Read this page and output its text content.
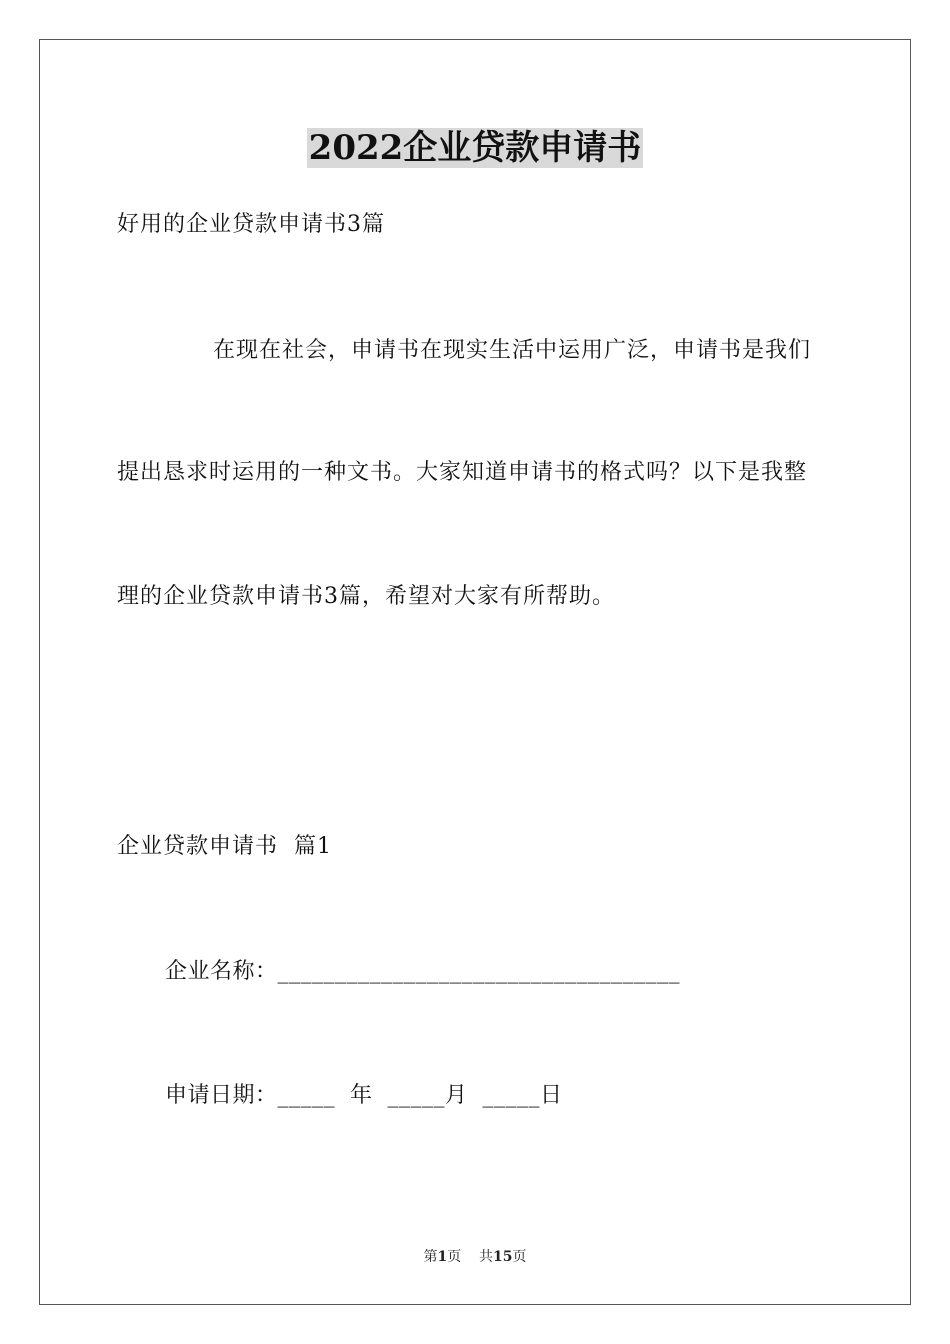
2022企业贷款申请书
好用的企业贷款申请书3篇
在现在社会，申请书在现实生活中运用广泛，申请书是我们
提出恳求时运用的一种文书。大家知道申请书的格式吗？以下是我整
理的企业贷款申请书3篇，希望对大家有所帮助。
企业贷款申请书  篇1
企业名称：___________________________________
申请日期：_____  年  _____月  _____日
第1页    共15页
